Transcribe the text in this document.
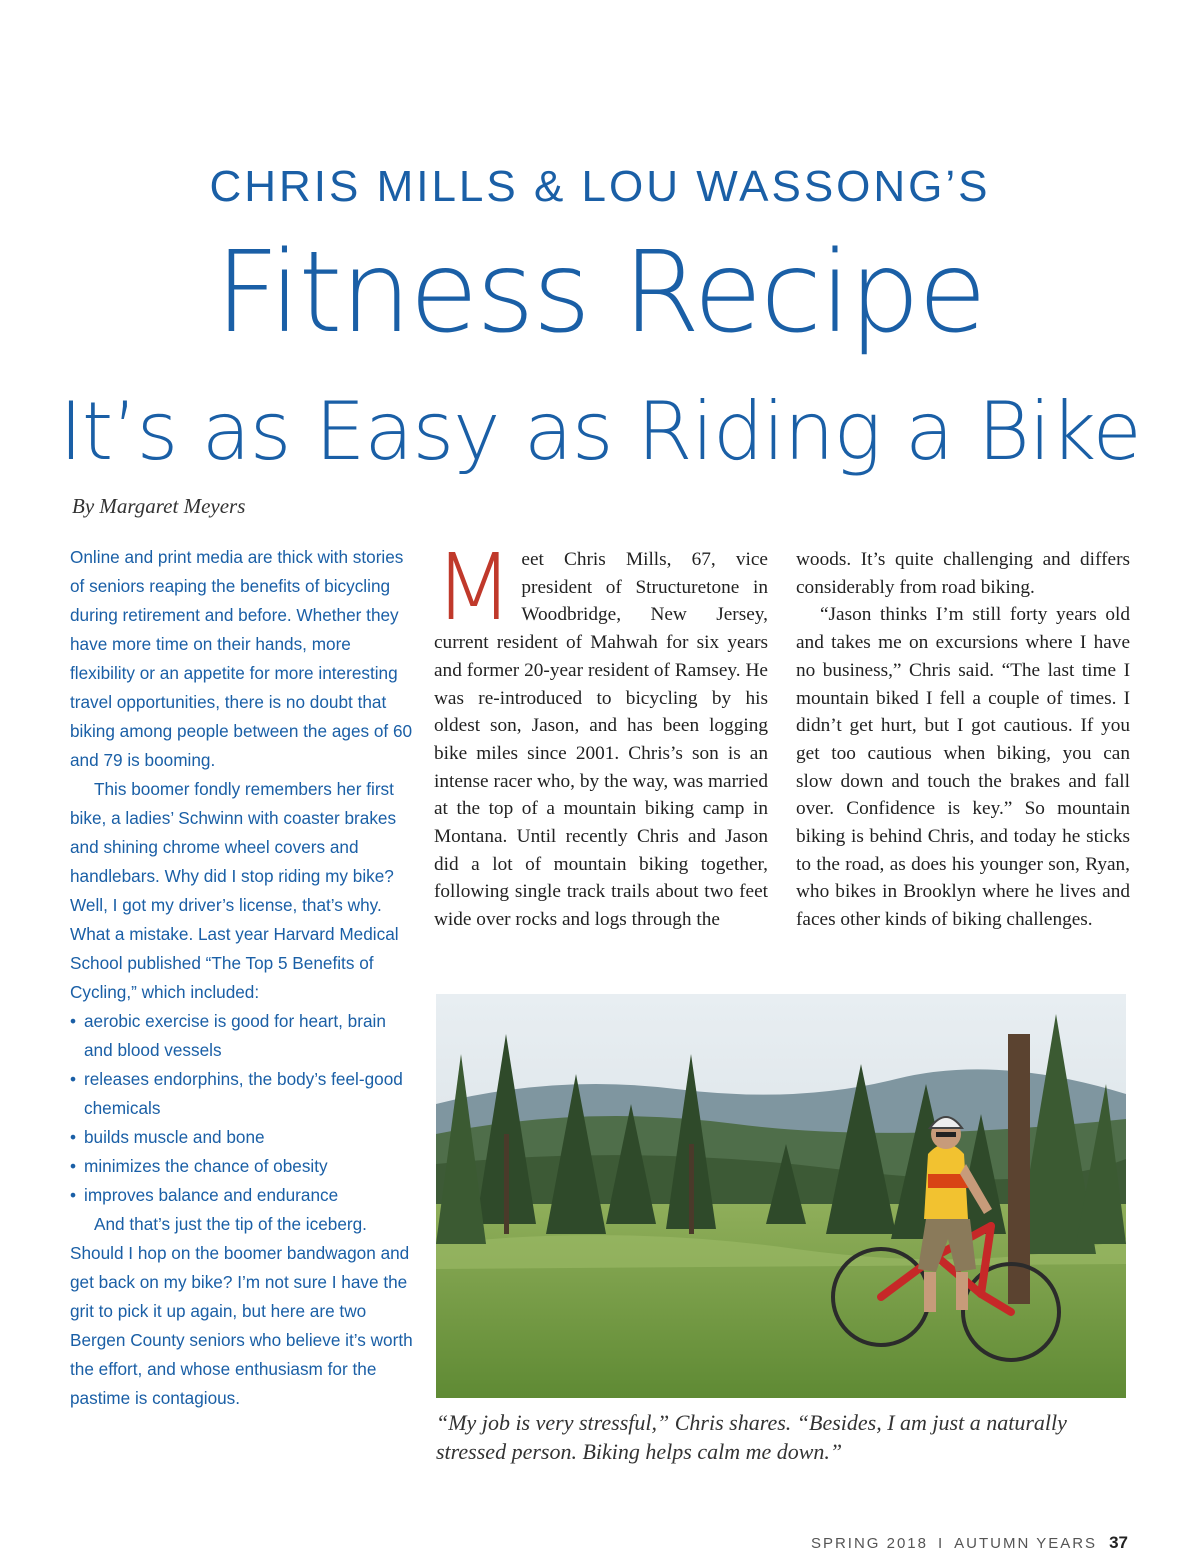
CHRIS MILLS & LOU WASSONG’S
Fitness Recipe
It’s as Easy as Riding a Bike

By Margaret Meyers

Online and print media are thick with stories of seniors reaping the benefits of bicycling during retirement and before. Whether they have more time on their hands, more flexibility or an appetite for more interesting travel opportunities, there is no doubt that biking among people between the ages of 60 and 79 is booming.

This boomer fondly remembers her first bike, a ladies’ Schwinn with coaster brakes and shining chrome wheel covers and handlebars. Why did I stop riding my bike? Well, I got my driver’s license, that’s why. What a mistake. Last year Harvard Medical School published “The Top 5 Benefits of Cycling,” which included:

• aerobic exercise is good for heart, brain and blood vessels
• releases endorphins, the body’s feel-good chemicals
• builds muscle and bone
• minimizes the chance of obesity
• improves balance and endurance

And that’s just the tip of the iceberg. Should I hop on the boomer bandwagon and get back on my bike? I’m not sure I have the grit to pick it up again, but here are two Bergen County seniors who believe it’s worth the effort, and whose enthusiasm for the pastime is contagious.

M eet Chris Mills, 67, vice president of Structuretone in Woodbridge, New Jersey, current resident of Mahwah for six years and former 20-year resident of Ramsey. He was re-introduced to bicycling by his oldest son, Jason, and has been logging bike miles since 2001. Chris’s son is an intense racer who, by the way, was married at the top of a mountain biking camp in Montana. Until recently Chris and Jason did a lot of mountain biking together, following single track trails about two feet wide over rocks and logs through the

woods. It’s quite challenging and differs considerably from road biking.

“Jason thinks I’m still forty years old and takes me on excursions where I have no business,” Chris said. “The last time I mountain biked I fell a couple of times. I didn’t get hurt, but I got cautious. If you get too cautious when biking, you can slow down and touch the brakes and fall over. Confidence is key.” So mountain biking is behind Chris, and today he sticks to the road, as does his younger son, Ryan, who bikes in Brooklyn where he lives and faces other kinds of biking challenges.

“My job is very stressful,” Chris shares. “Besides, I am just a naturally stressed person. Biking helps calm me down.”

SPRING 2018 I AUTUMN YEARS 37
